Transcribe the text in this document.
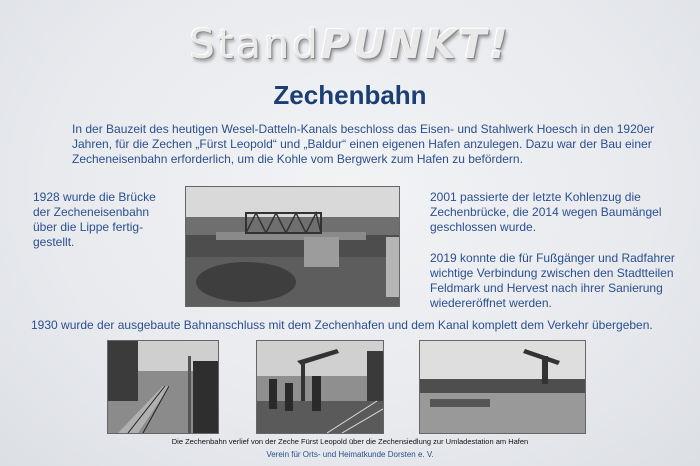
StandPUNKT!
Zechenbahn
In der Bauzeit des heutigen Wesel-Datteln-Kanals beschloss das Eisen- und Stahlwerk Hoesch in den 1920er Jahren, für die Zechen „Fürst Leopold“ und „Baldur“ einen eigenen Hafen anzulegen. Dazu war der Bau einer Zecheneisenbahn erforderlich, um die Kohle vom Bergwerk zum Hafen zu befördern.
1928 wurde die Brücke der Zecheneisenbahn über die Lippe fertig-gestellt.

2001 passierte der letzte Kohlenzug die Zechenbrücke, die 2014 wegen Baumängel geschlossen wurde.

2019 konnte die für Fußgänger und Radfahrer wichtige Verbindung zwischen den Stadtteilen Feldmark und Hervest nach ihrer Sanierung wiedereröffnet werden.

1930 wurde der ausgebaute Bahnanschluss mit dem Zechenhafen und dem Kanal komplett dem Verkehr übergeben.
Die Zechenbahn verlief von der Zeche Fürst Leopold über die Zechensiedlung zur Umladestation am Hafen
Verein für Orts- und Heimatkunde Dorsten e. V.
